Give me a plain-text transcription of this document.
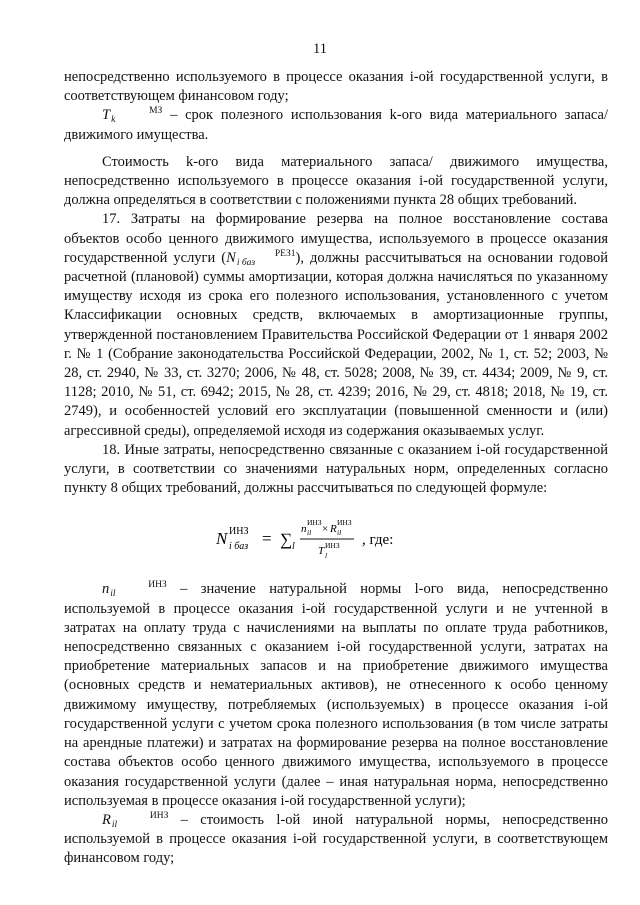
11

непосредственно используемого в процессе оказания i-ой государственной услуги, в соответствующем финансовом году;

T	МЗ
k	– срок полезного использования k-ого вида материального запаса/ движимого имущества.

Стоимость k-ого вида материального запаса/ движимого имущества, непосредственно используемого в процессе оказания i-ой государственной услуги, должна определяться в соответствии с положениями пункта 28 общих требований.

17. Затраты на формирование резерва на полное восстановление состава объектов особо ценного движимого имущества, используемого в процессе оказания государственной услуги (N	РЕЗ1
i баз	), должны рассчитываться на основании годовой расчетной (плановой) суммы амортизации, которая должна начисляться по указанному имуществу исходя из срока его полезного использования, установленного с учетом Классификации основных средств, включаемых в амортизационные группы, утвержденной постановлением Правительства Российской Федерации от 1 января 2002 г. № 1 (Собрание законодательства Российской Федерации, 2002, № 1, ст. 52; 2003, № 28, ст. 2940, № 33, ст. 3270; 2006, № 48, ст. 5028; 2008, № 39, ст. 4434; 2009, № 9, ст. 1128; 2010, № 51, ст. 6942; 2015, № 28, ст. 4239; 2016, № 29, ст. 4818; 2018, № 19, ст. 2749), и особенностей условий его эксплуатации (повышенной сменности и (или) агрессивной среды), определяемой исходя из содержания оказываемых услуг.

18. Иные затраты, непосредственно связанные с оказанием i-ой государственной услуги, в соответствии со значениями натуральных норм, определенных согласно пункту 8 общих требований, должны рассчитываться по следующей формуле:

N ИНЗ
i баз = ∑ l
n
ИНЗ
il × R
ИНЗ
il
T ИНЗ
l
, где:

n	ИНЗ
il	– значение натуральной нормы l-ого вида, непосредственно используемой в процессе оказания i-ой государственной услуги и не учтенной в затратах на оплату труда с начислениями на выплаты по оплате труда работников, непосредственно связанных с оказанием i-ой государственной услуги, затратах на приобретение материальных запасов и на приобретение движимого имущества (основных средств и нематериальных активов), не отнесенного к особо ценному движимому имуществу, потребляемых (используемых) в процессе оказания i-ой государственной услуги с учетом срока полезного использования (в том числе затраты на арендные платежи) и затратах на формирование резерва на полное восстановление состава объектов особо ценного движимого имущества, используемого в процессе оказания государственной услуги (далее – иная натуральная норма, непосредственно используемая в процессе оказания i-ой государственной услуги);

R	ИНЗ
il	– стоимость l-ой иной натуральной нормы, непосредственно используемой в процессе оказания i-ой государственной услуги, в соответствующем финансовом году;
